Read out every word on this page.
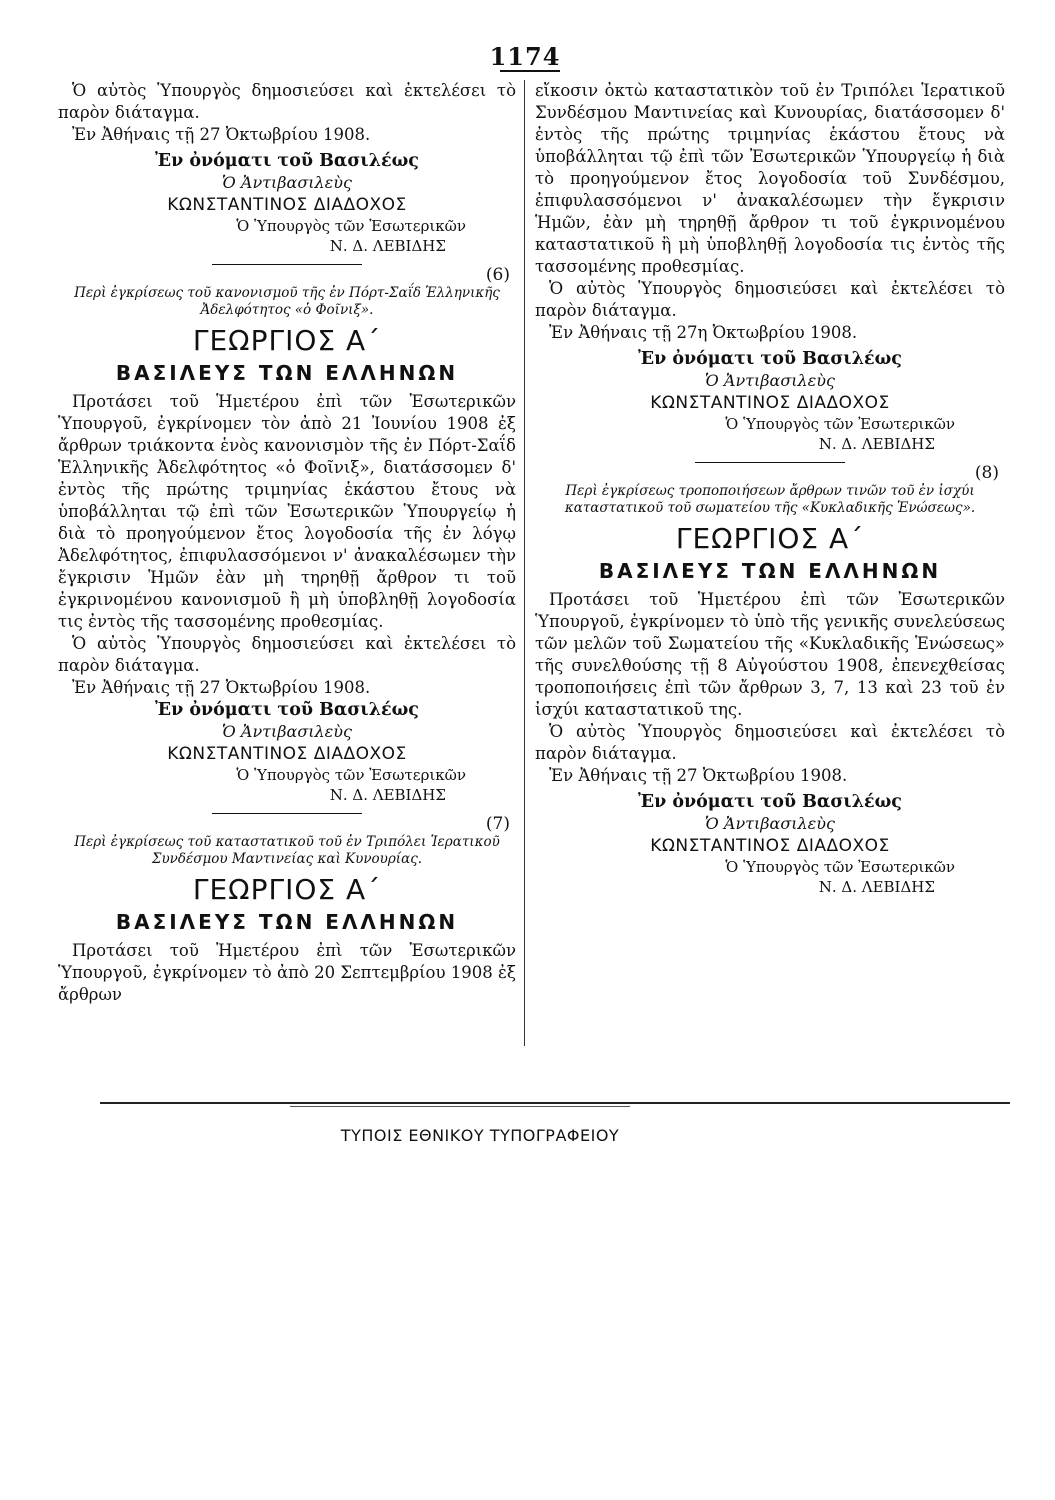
1174

Ὁ αὐτὸς Ὑπουργὸς δημοσιεύσει καὶ ἐκτελέσει τὸ παρὸν διάταγμα.

Ἐν Ἀθήναις τῇ 27 Ὀκτωβρίου 1908.

Ἐν ὀνόματι τοῦ Βασιλέως

Ὁ Ἀντιβασιλεὺς

ΚΩΝΣΤΑΝΤΙΝΟΣ ΔΙΑΔΟΧΟΣ

Ὁ Ὑπουργὸς τῶν Ἐσωτερικῶν

Ν. Δ. ΛΕΒΙΔΗΣ

(6)

Περὶ ἐγκρίσεως τοῦ κανονισμοῦ τῆς ἐν Πόρτ-Σαΐδ Ἑλληνικῆς Ἀδελφότητος «ὁ Φοῖνιξ».

ΓΕΩΡΓΙΟΣ Α΄

ΒΑΣΙΛΕΥΣ ΤΩΝ ΕΛΛΗΝΩΝ

Προτάσει τοῦ Ἡμετέρου ἐπὶ τῶν Ἐσωτερικῶν Ὑπουργοῦ, ἐγκρίνομεν τὸν ἀπὸ 21 Ἰουνίου 1908 ἐξ ἄρθρων τριάκοντα ἑνὸς κανονισμὸν τῆς ἐν Πόρτ-Σαΐδ Ἑλληνικῆς Ἀδελφότητος «ὁ Φοῖνιξ», διατάσσομεν δ' ἐντὸς τῆς πρώτης τριμηνίας ἑκάστου ἔτους νὰ ὑποβάλληται τῷ ἐπὶ τῶν Ἐσωτερικῶν Ὑπουργείῳ ἡ διὰ τὸ προηγούμενον ἔτος λογοδοσία τῆς ἐν λόγῳ Ἀδελφότητος, ἐπιφυλασσόμενοι ν' ἀνακαλέσωμεν τὴν ἔγκρισιν Ἡμῶν ἐὰν μὴ τηρηθῇ ἄρθρον τι τοῦ ἐγκρινομένου κανονισμοῦ ἢ μὴ ὑποβληθῇ λογοδοσία τις ἐντὸς τῆς τασσομένης προθεσμίας.

Ὁ αὐτὸς Ὑπουργὸς δημοσιεύσει καὶ ἐκτελέσει τὸ παρὸν διάταγμα.

Ἐν Ἀθήναις τῇ 27 Ὀκτωβρίου 1908.

Ἐν ὀνόματι τοῦ Βασιλέως

Ὁ Ἀντιβασιλεὺς

ΚΩΝΣΤΑΝΤΙΝΟΣ ΔΙΑΔΟΧΟΣ

Ὁ Ὑπουργὸς τῶν Ἐσωτερικῶν

Ν. Δ. ΛΕΒΙΔΗΣ

(7)

Περὶ ἐγκρίσεως τοῦ καταστατικοῦ τοῦ ἐν Τριπόλει Ἱερατικοῦ Συνδέσμου Μαντινείας καὶ Κυνουρίας.

ΓΕΩΡΓΙΟΣ Α΄

ΒΑΣΙΛΕΥΣ ΤΩΝ ΕΛΛΗΝΩΝ

Προτάσει τοῦ Ἡμετέρου ἐπὶ τῶν Ἐσωτερικῶν Ὑπουργοῦ, ἐγκρίνομεν τὸ ἀπὸ 20 Σεπτεμβρίου 1908 ἐξ ἄρθρων

εἴκοσιν ὀκτὼ καταστατικὸν τοῦ ἐν Τριπόλει Ἱερατικοῦ Συνδέσμου Μαντινείας καὶ Κυνουρίας, διατάσσομεν δ' ἐντὸς τῆς πρώτης τριμηνίας ἑκάστου ἔτους νὰ ὑποβάλληται τῷ ἐπὶ τῶν Ἐσωτερικῶν Ὑπουργείῳ ἡ διὰ τὸ προηγούμενον ἔτος λογοδοσία τοῦ Συνδέσμου, ἐπιφυλασσόμενοι ν' ἀνακαλέσωμεν τὴν ἔγκρισιν Ἡμῶν, ἐὰν μὴ τηρηθῇ ἄρθρον τι τοῦ ἐγκρινομένου καταστατικοῦ ἢ μὴ ὑποβληθῇ λογοδοσία τις ἐντὸς τῆς τασσομένης προθεσμίας.

Ὁ αὐτὸς Ὑπουργὸς δημοσιεύσει καὶ ἐκτελέσει τὸ παρὸν διάταγμα.

Ἐν Ἀθήναις τῇ 27η Ὀκτωβρίου 1908.

Ἐν ὀνόματι τοῦ Βασιλέως

Ὁ Ἀντιβασιλεὺς

ΚΩΝΣΤΑΝΤΙΝΟΣ ΔΙΑΔΟΧΟΣ

Ὁ Ὑπουργὸς τῶν Ἐσωτερικῶν

Ν. Δ. ΛΕΒΙΔΗΣ

(8)

Περὶ ἐγκρίσεως τροποποιήσεων ἄρθρων τινῶν τοῦ ἐν ἰσχύι καταστατικοῦ τοῦ σωματείου τῆς «Κυκλαδικῆς Ἑνώσεως».

ΓΕΩΡΓΙΟΣ Α΄

ΒΑΣΙΛΕΥΣ ΤΩΝ ΕΛΛΗΝΩΝ

Προτάσει τοῦ Ἡμετέρου ἐπὶ τῶν Ἐσωτερικῶν Ὑπουργοῦ, ἐγκρίνομεν τὸ ὑπὸ τῆς γενικῆς συνελεύσεως τῶν μελῶν τοῦ Σωματείου τῆς «Κυκλαδικῆς Ἑνώσεως» τῆς συνελθούσης τῇ 8 Αὐγούστου 1908, ἐπενεχθείσας τροποποιήσεις ἐπὶ τῶν ἄρθρων 3, 7, 13 καὶ 23 τοῦ ἐν ἰσχύι καταστατικοῦ της.

Ὁ αὐτὸς Ὑπουργὸς δημοσιεύσει καὶ ἐκτελέσει τὸ παρὸν διάταγμα.

Ἐν Ἀθήναις τῇ 27 Ὀκτωβρίου 1908.

Ἐν ὀνόματι τοῦ Βασιλέως

Ὁ Ἀντιβασιλεὺς

ΚΩΝΣΤΑΝΤΙΝΟΣ ΔΙΑΔΟΧΟΣ

Ὁ Ὑπουργὸς τῶν Ἐσωτερικῶν

Ν. Δ. ΛΕΒΙΔΗΣ

ΤΥΠΟΙΣ ΕΘΝΙΚΟΥ ΤΥΠΟΓΡΑΦΕΙΟΥ
